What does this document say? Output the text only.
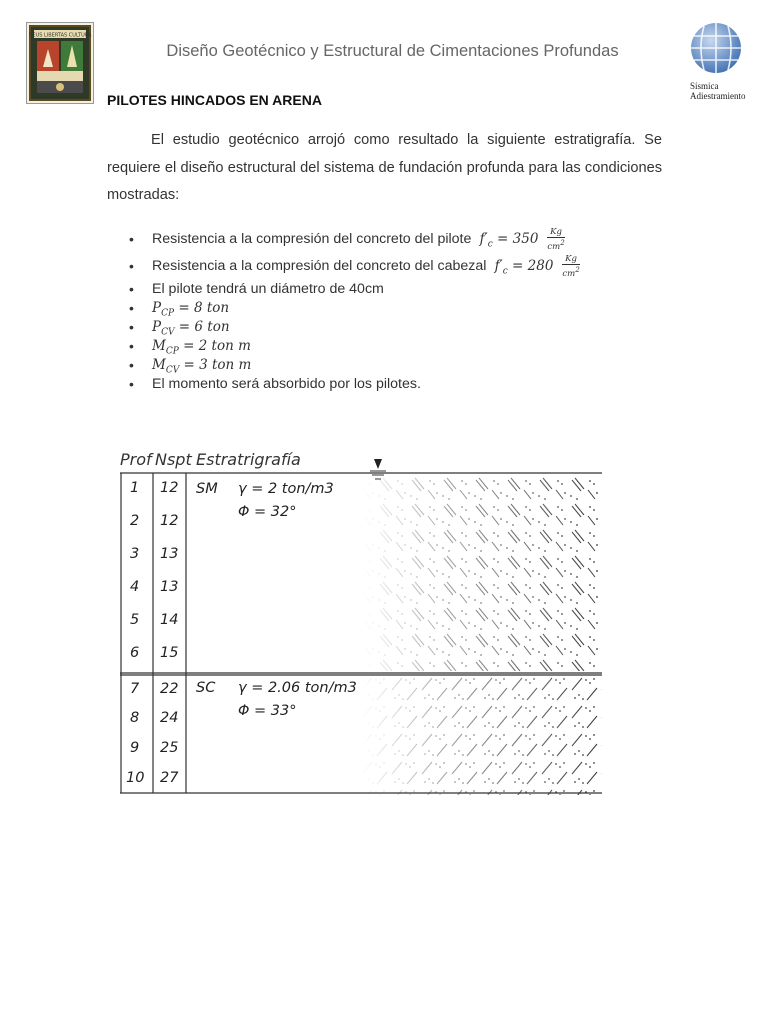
DEUS LIBERTAS CULTURA
Diseño Geotécnico y Estructural de Cimentaciones Profundas
Sísmica
Adiestramiento
PILOTES HINCADOS EN ARENA
El estudio geotécnico arrojó como resultado la siguiente estratigrafía. Se requiere el diseño estructural del sistema de fundación profunda para las condiciones mostradas:
• Resistencia a la compresión del concreto del pilote  $f'_c = 350 \frac{Kg}{cm^2}$
• Resistencia a la compresión del concreto del cabezal  $f'_c = 280 \frac{Kg}{cm^2}$
• El pilote tendrá un diámetro de 40cm
• $P_{CP} = 8$ ton
• $P_{CV} = 6$ ton
• $M_{CP} = 2$ ton m
• $M_{CV} = 3$ ton m
• El momento será absorbido por los pilotes.
Prof Nspt Estratrigrafía
1 12
2 12
3 13
4 13
5 14
6 15
7 22
8 24
9 25
10 27
SM γ = 2 ton/m3
Φ = 32°
SC γ = 2.06 ton/m3
Φ = 33°
